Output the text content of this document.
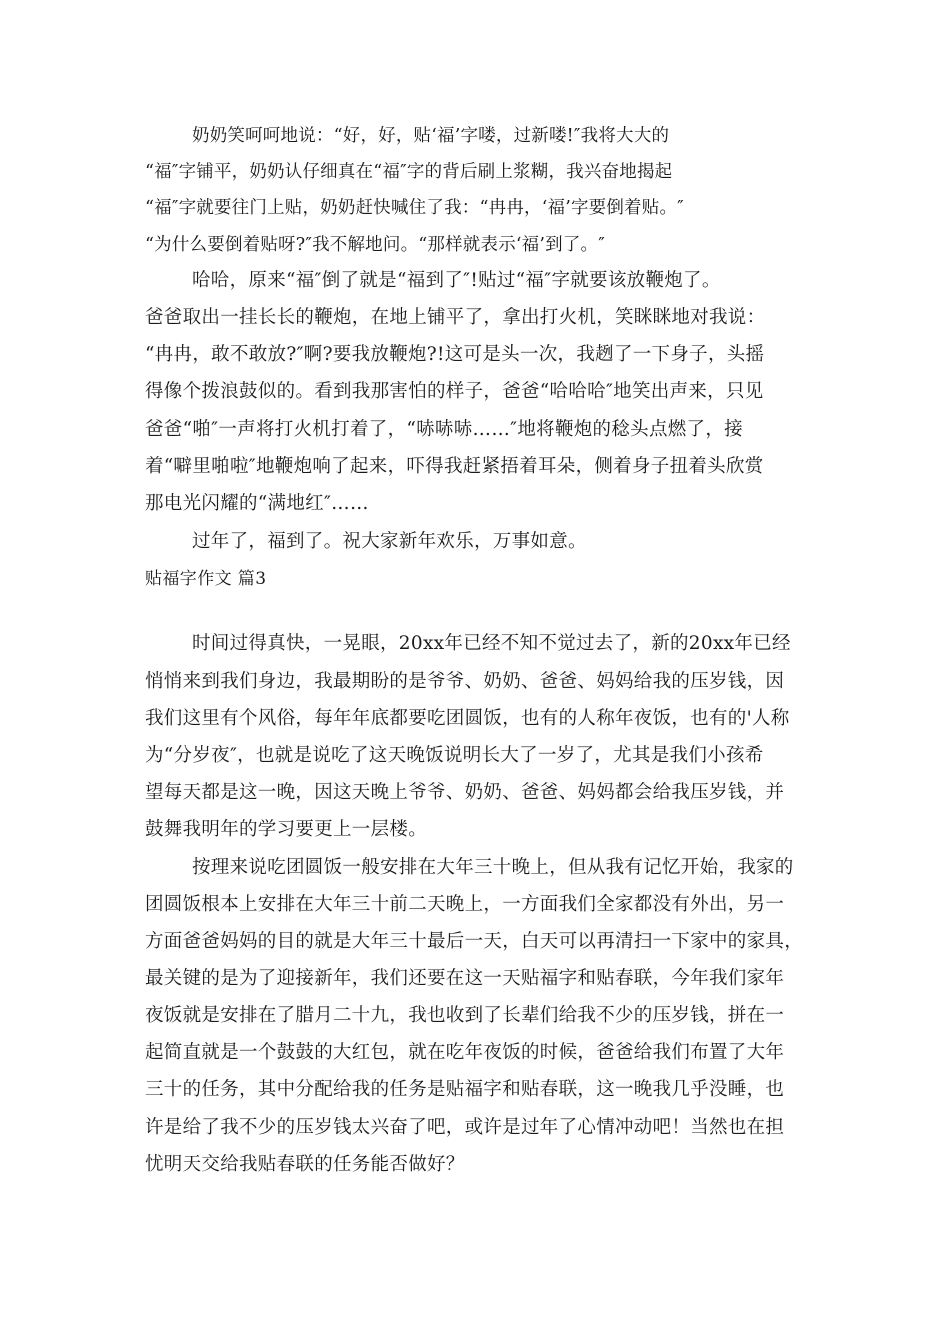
奶奶笑呵呵地说：“好，好，贴‘福’字喽，过新喽!″我将大大的
“福″字铺平，奶奶认仔细真在“福″字的背后刷上浆糊，我兴奋地揭起
“福″字就要往门上贴，奶奶赶快喊住了我：“冉冉，‘福’字要倒着贴。″
“为什么要倒着贴呀?″我不解地问。“那样就表示‘福’到了。″
哈哈，原来“福″倒了就是“福到了″!贴过“福″字就要该放鞭炮了。
爸爸取出一挂长长的鞭炮，在地上铺平了，拿出打火机，笑眯眯地对我说：
“冉冉，敢不敢放?″啊?要我放鞭炮?!这可是头一次，我趔了一下身子，头摇
得像个拨浪鼓似的。看到我那害怕的样子，爸爸“哈哈哈″地笑出声来，只见
爸爸“啪″一声将打火机打着了，“哧哧哧……″地将鞭炮的稔头点燃了，接
着“噼里啪啦″地鞭炮响了起来，吓得我赶紧捂着耳朵，侧着身子扭着头欣赏
那电光闪耀的“满地红″……
过年了，福到了。祝大家新年欢乐，万事如意。
贴福字作文 篇3
时间过得真快，一晃眼，20xx年已经不知不觉过去了，新的20xx年已经
悄悄来到我们身边，我最期盼的是爷爷、奶奶、爸爸、妈妈给我的压岁钱，因
我们这里有个风俗，每年年底都要吃团圆饭，也有的人称年夜饭，也有的'人称
为“分岁夜″，也就是说吃了这天晚饭说明长大了一岁了，尤其是我们小孩希
望每天都是这一晚，因这天晚上爷爷、奶奶、爸爸、妈妈都会给我压岁钱，并
鼓舞我明年的学习要更上一层楼。
按理来说吃团圆饭一般安排在大年三十晚上，但从我有记忆开始，我家的
团圆饭根本上安排在大年三十前二天晚上，一方面我们全家都没有外出，另一
方面爸爸妈妈的目的就是大年三十最后一天，白天可以再清扫一下家中的家具，
最关键的是为了迎接新年，我们还要在这一天贴福字和贴春联，今年我们家年
夜饭就是安排在了腊月二十九，我也收到了长辈们给我不少的压岁钱，拼在一
起简直就是一个鼓鼓的大红包，就在吃年夜饭的时候，爸爸给我们布置了大年
三十的任务，其中分配给我的任务是贴福字和贴春联，这一晚我几乎没睡，也
许是给了我不少的压岁钱太兴奋了吧，或许是过年了心情冲动吧！当然也在担
忧明天交给我贴春联的任务能否做好？
